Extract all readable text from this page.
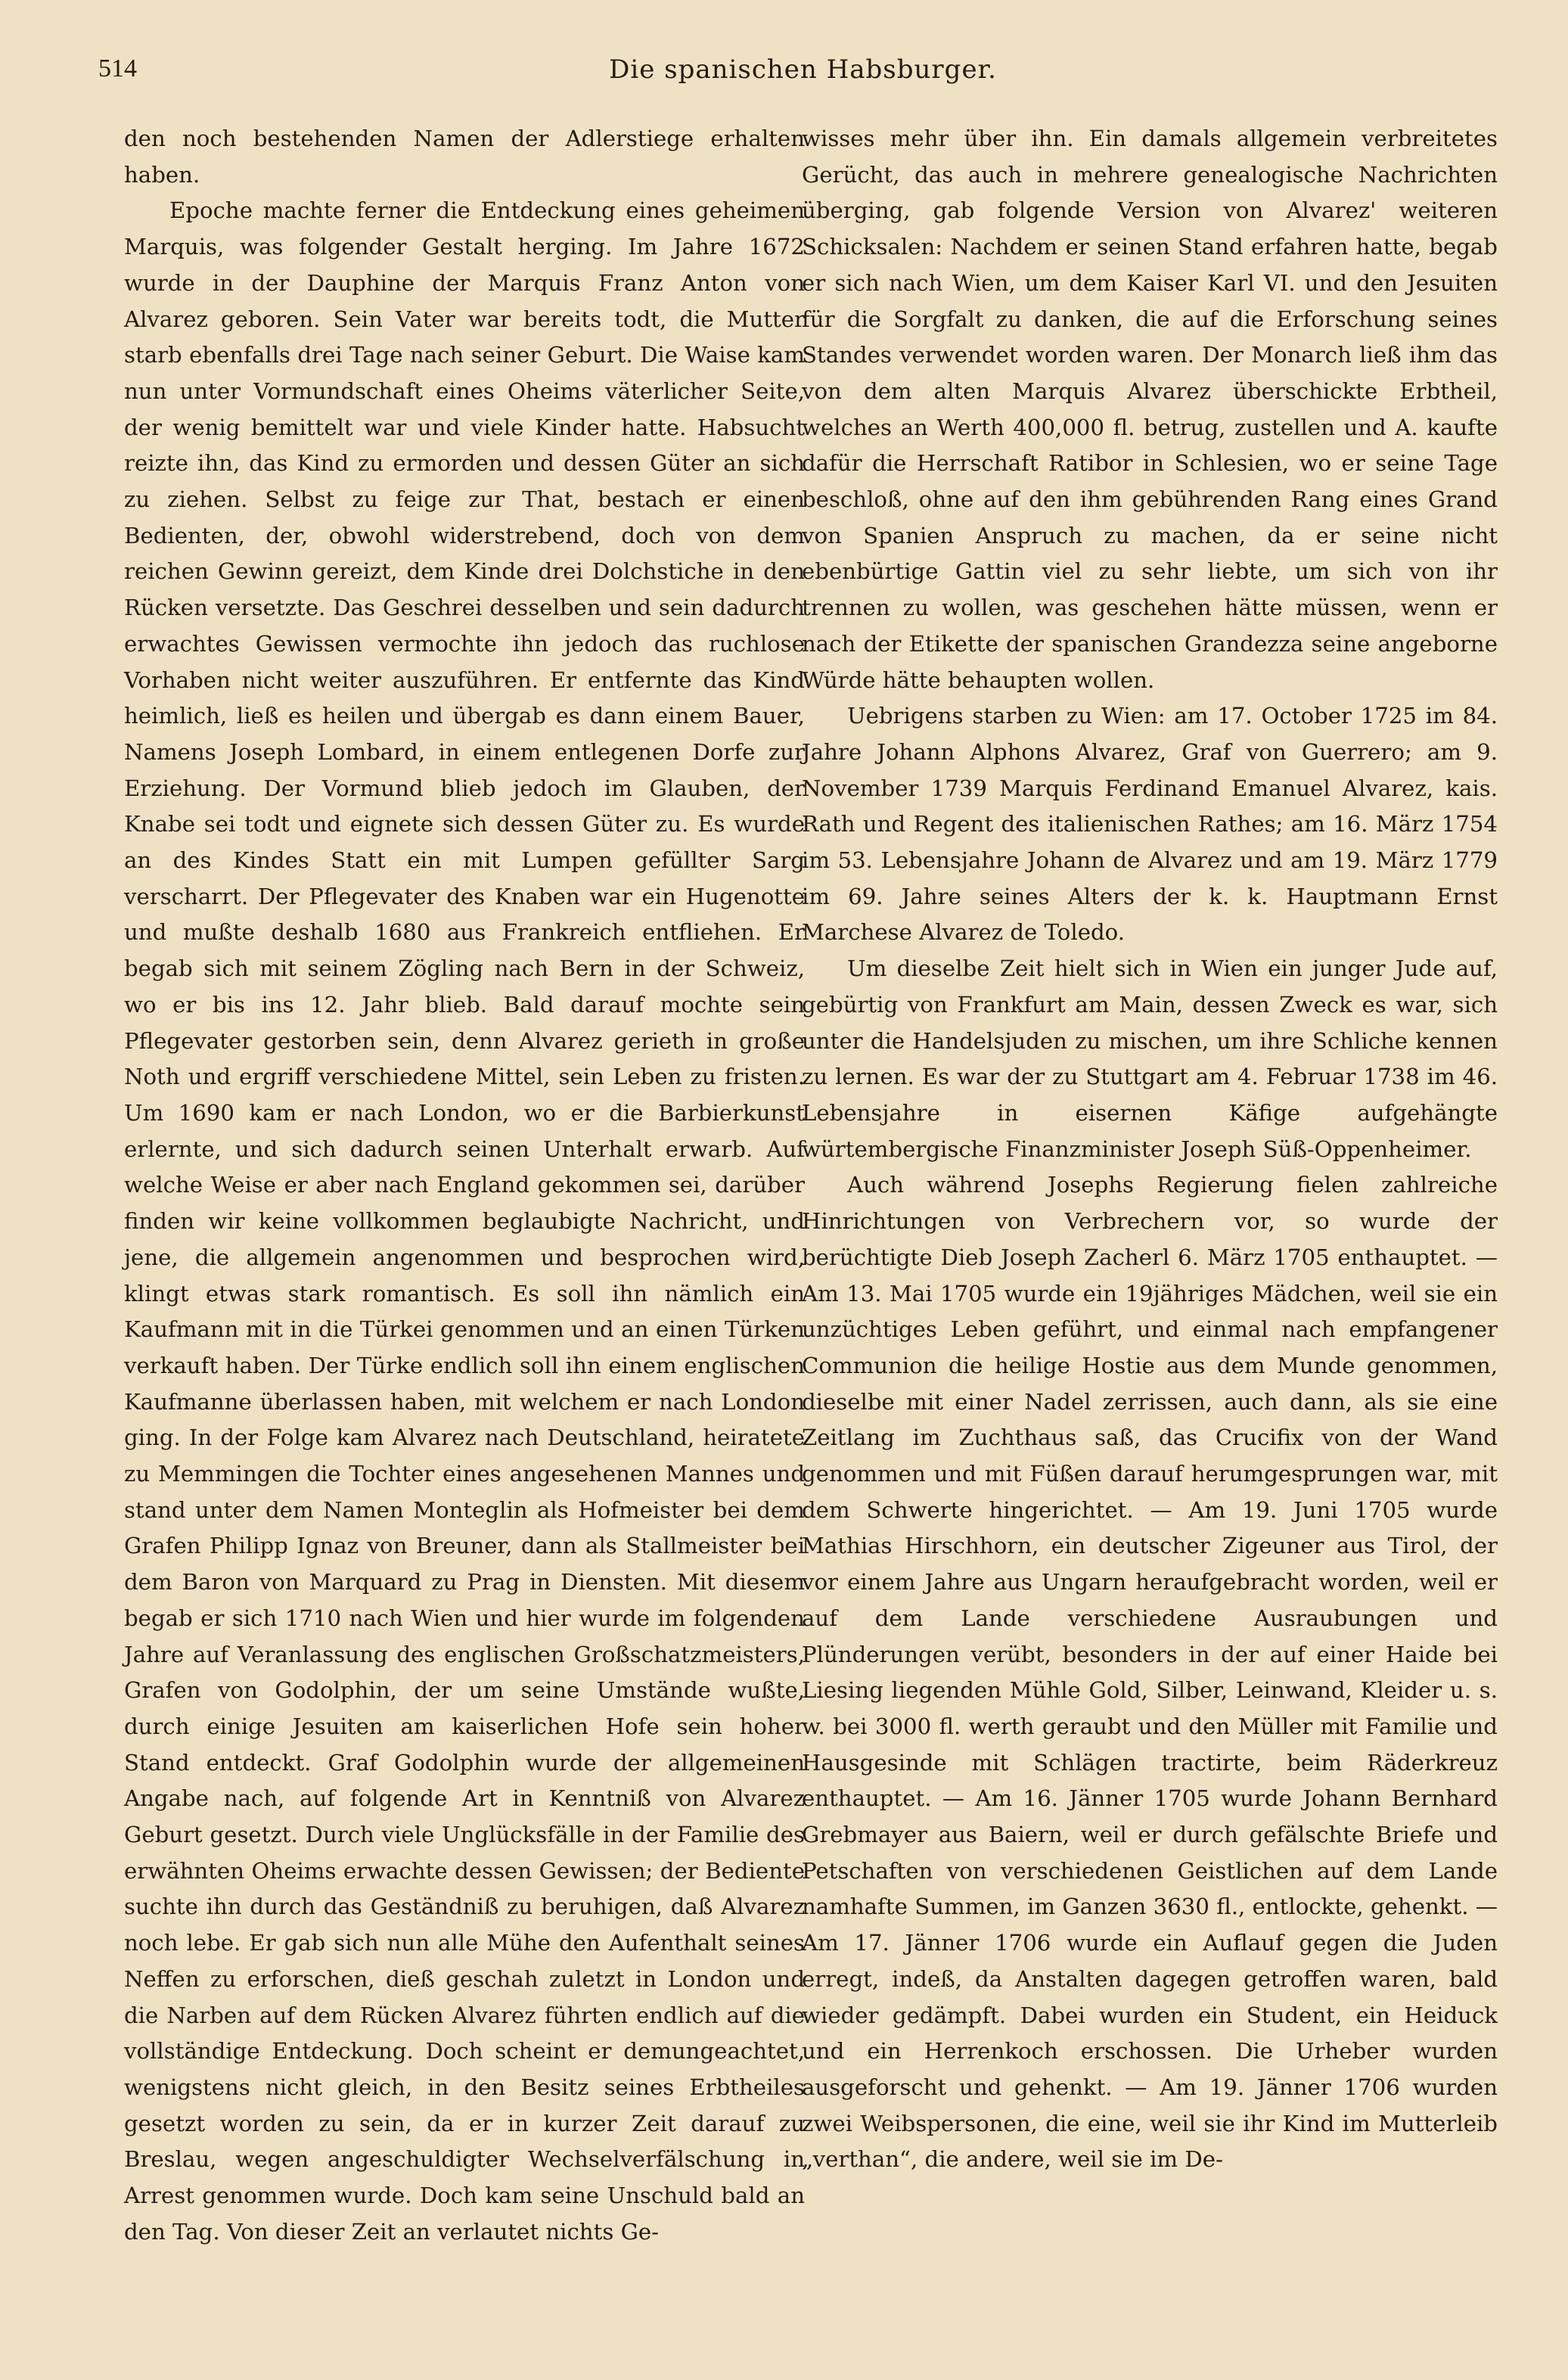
514	Die spanischen Habsburger.

den noch bestehenden Namen der Adlerstiege erhalten haben.

Epoche machte ferner die Entdeckung eines geheimen Marquis, was folgender Gestalt herging. Im Jahre 1672 wurde in der Dauphine der Marquis Franz Anton von Alvarez geboren. Sein Vater war bereits todt, die Mutter starb ebenfalls drei Tage nach seiner Geburt. Die Waise kam nun unter Vormundschaft eines Oheims väterlicher Seite, der wenig bemittelt war und viele Kinder hatte. Habsucht reizte ihn, das Kind zu ermorden und dessen Güter an sich zu ziehen. Selbst zu feige zur That, bestach er einen Bedienten, der, obwohl widerstrebend, doch von dem reichen Gewinn gereizt, dem Kinde drei Dolchstiche in den Rücken versetzte. Das Geschrei desselben und sein dadurch erwachtes Gewissen vermochte ihn jedoch das ruchlose Vorhaben nicht weiter auszuführen. Er entfernte das Kind heimlich, ließ es heilen und übergab es dann einem Bauer, Namens Joseph Lombard, in einem entlegenen Dorfe zur Erziehung. Der Vormund blieb jedoch im Glauben, der Knabe sei todt und eignete sich dessen Güter zu. Es wurde an des Kindes Statt ein mit Lumpen gefüllter Sarg verscharrt. Der Pflegevater des Knaben war ein Hugenotte und mußte deshalb 1680 aus Frankreich entfliehen. Er begab sich mit seinem Zögling nach Bern in der Schweiz, wo er bis ins 12. Jahr blieb. Bald darauf mochte sein Pflegevater gestorben sein, denn Alvarez gerieth in große Noth und ergriff verschiedene Mittel, sein Leben zu fristen. Um 1690 kam er nach London, wo er die Barbierkunst erlernte, und sich dadurch seinen Unterhalt erwarb. Auf welche Weise er aber nach England gekommen sei, darüber finden wir keine vollkommen beglaubigte Nachricht, und jene, die allgemein angenommen und besprochen wird, klingt etwas stark romantisch. Es soll ihn nämlich ein Kaufmann mit in die Türkei genommen und an einen Türken verkauft haben. Der Türke endlich soll ihn einem englischen Kaufmanne überlassen haben, mit welchem er nach London ging. In der Folge kam Alvarez nach Deutschland, heiratete zu Memmingen die Tochter eines angesehenen Mannes und stand unter dem Namen Monteglin als Hofmeister bei dem Grafen Philipp Ignaz von Breuner, dann als Stallmeister bei dem Baron von Marquard zu Prag in Diensten. Mit diesem begab er sich 1710 nach Wien und hier wurde im folgenden Jahre auf Veranlassung des englischen Großschatzmeisters, Grafen von Godolphin, der um seine Umstände wußte, durch einige Jesuiten am kaiserlichen Hofe sein hoher Stand entdeckt. Graf Godolphin wurde der allgemeinen Angabe nach, auf folgende Art in Kenntniß von Alvarez Geburt gesetzt. Durch viele Unglücksfälle in der Familie des erwähnten Oheims erwachte dessen Gewissen; der Bediente suchte ihn durch das Geständniß zu beruhigen, daß Alvarez noch lebe. Er gab sich nun alle Mühe den Aufenthalt seines Neffen zu erforschen, dieß geschah zuletzt in London und die Narben auf dem Rücken Alvarez führten endlich auf die vollständige Entdeckung. Doch scheint er demungeachtet, wenigstens nicht gleich, in den Besitz seines Erbtheiles gesetzt worden zu sein, da er in kurzer Zeit darauf zu Breslau, wegen angeschuldigter Wechselverfälschung in Arrest genommen wurde. Doch kam seine Unschuld bald an den Tag. Von dieser Zeit an verlautet nichts Ge-

wisses mehr über ihn. Ein damals allgemein verbreitetes Gerücht, das auch in mehrere genealogische Nachrichten überging, gab folgende Version von Alvarez' weiteren Schicksalen: Nachdem er seinen Stand erfahren hatte, begab er sich nach Wien, um dem Kaiser Karl VI. und den Jesuiten für die Sorgfalt zu danken, die auf die Erforschung seines Standes verwendet worden waren. Der Monarch ließ ihm das von dem alten Marquis Alvarez überschickte Erbtheil, welches an Werth 400,000 fl. betrug, zustellen und A. kaufte dafür die Herrschaft Ratibor in Schlesien, wo er seine Tage beschloß, ohne auf den ihm gebührenden Rang eines Grand von Spanien Anspruch zu machen, da er seine nicht ebenbürtige Gattin viel zu sehr liebte, um sich von ihr trennen zu wollen, was geschehen hätte müssen, wenn er nach der Etikette der spanischen Grandezza seine angeborne Würde hätte behaupten wollen.

Uebrigens starben zu Wien: am 17. October 1725 im 84. Jahre Johann Alphons Alvarez, Graf von Guerrero; am 9. November 1739 Marquis Ferdinand Emanuel Alvarez, kais. Rath und Regent des italienischen Rathes; am 16. März 1754 im 53. Lebensjahre Johann de Alvarez und am 19. März 1779 im 69. Jahre seines Alters der k. k. Hauptmann Ernst Marchese Alvarez de Toledo.

Um dieselbe Zeit hielt sich in Wien ein junger Jude auf, gebürtig von Frankfurt am Main, dessen Zweck es war, sich unter die Handelsjuden zu mischen, um ihre Schliche kennen zu lernen. Es war der zu Stuttgart am 4. Februar 1738 im 46. Lebensjahre in eisernen Käfige aufgehängte würtembergische Finanzminister Joseph Süß-Oppenheimer.

Auch während Josephs Regierung fielen zahlreiche Hinrichtungen von Verbrechern vor, so wurde der berüchtigte Dieb Joseph Zacherl 6. März 1705 enthauptet. — Am 13. Mai 1705 wurde ein 19jähriges Mädchen, weil sie ein unzüchtiges Leben geführt, und einmal nach empfangener Communion die heilige Hostie aus dem Munde genommen, dieselbe mit einer Nadel zerrissen, auch dann, als sie eine Zeitlang im Zuchthaus saß, das Crucifix von der Wand genommen und mit Füßen darauf herumgesprungen war, mit dem Schwerte hingerichtet. — Am 19. Juni 1705 wurde Mathias Hirschhorn, ein deutscher Zigeuner aus Tirol, der vor einem Jahre aus Ungarn heraufgebracht worden, weil er auf dem Lande verschiedene Ausraubungen und Plünderungen verübt, besonders in der auf einer Haide bei Liesing liegenden Mühle Gold, Silber, Leinwand, Kleider u. s. w. bei 3000 fl. werth geraubt und den Müller mit Familie und Hausgesinde mit Schlägen tractirte, beim Räderkreuz enthauptet. — Am 16. Jänner 1705 wurde Johann Bernhard Grebmayer aus Baiern, weil er durch gefälschte Briefe und Petschaften von verschiedenen Geistlichen auf dem Lande namhafte Summen, im Ganzen 3630 fl., entlockte, gehenkt. — Am 17. Jänner 1706 wurde ein Auflauf gegen die Juden erregt, indeß, da Anstalten dagegen getroffen waren, bald wieder gedämpft. Dabei wurden ein Student, ein Heiduck und ein Herrenkoch erschossen. Die Urheber wurden ausgeforscht und gehenkt. — Am 19. Jänner 1706 wurden zwei Weibspersonen, die eine, weil sie ihr Kind im Mutterleib „verthan“, die andere, weil sie im De-
